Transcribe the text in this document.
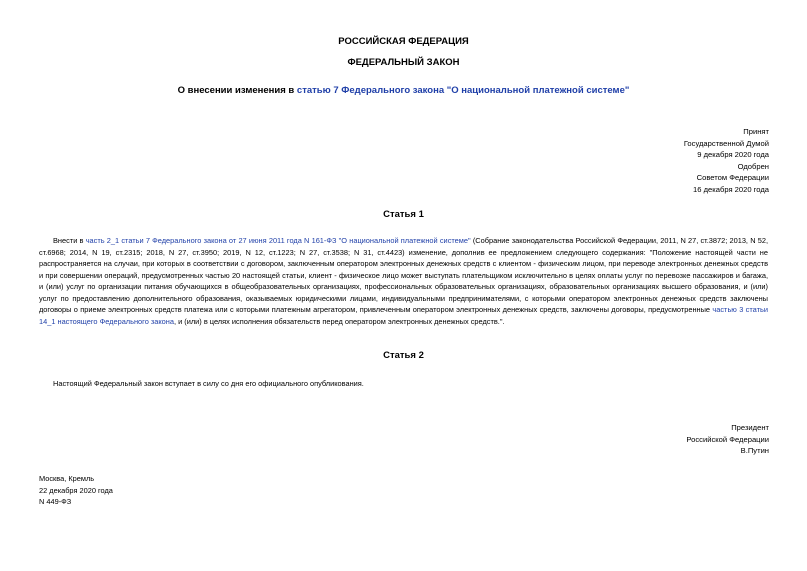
РОССИЙСКАЯ ФЕДЕРАЦИЯ
ФЕДЕРАЛЬНЫЙ ЗАКОН
О внесении изменения в статью 7 Федерального закона "О национальной платежной системе"
Принят
Государственной Думой
9 декабря 2020 года
Одобрен
Советом Федерации
16 декабря 2020 года
Статья 1
Внести в часть 2_1 статьи 7 Федерального закона от 27 июня 2011 года N 161-ФЗ "О национальной платежной системе" (Собрание законодательства Российской Федерации, 2011, N 27, ст.3872; 2013, N 52, ст.6968; 2014, N 19, ст.2315; 2018, N 27, ст.3950; 2019, N 12, ст.1223; N 27, ст.3538; N 31, ст.4423) изменение, дополнив ее предложением следующего содержания: "Положение настоящей части не распространяется на случаи, при которых в соответствии с договором, заключенным оператором электронных денежных средств с клиентом - физическим лицом, при переводе электронных денежных средств и при совершении операций, предусмотренных частью 20 настоящей статьи, клиент - физическое лицо может выступать плательщиком исключительно в целях оплаты услуг по перевозке пассажиров и багажа, и (или) услуг по организации питания обучающихся в общеобразовательных организациях, профессиональных образовательных организациях, образовательных организациях высшего образования, и (или) услуг по предоставлению дополнительного образования, оказываемых юридическими лицами, индивидуальными предпринимателями, с которыми оператором электронных денежных средств заключены договоры о приеме электронных средств платежа или с которыми платежным агрегатором, привлеченным оператором электронных денежных средств, заключены договоры, предусмотренные частью 3 статьи 14_1 настоящего Федерального закона, и (или) в целях исполнения обязательств перед оператором электронных денежных средств.".
Статья 2
Настоящий Федеральный закон вступает в силу со дня его официального опубликования.
Президент
Российской Федерации
В.Путин
Москва, Кремль
22 декабря 2020 года
N 449-ФЗ
